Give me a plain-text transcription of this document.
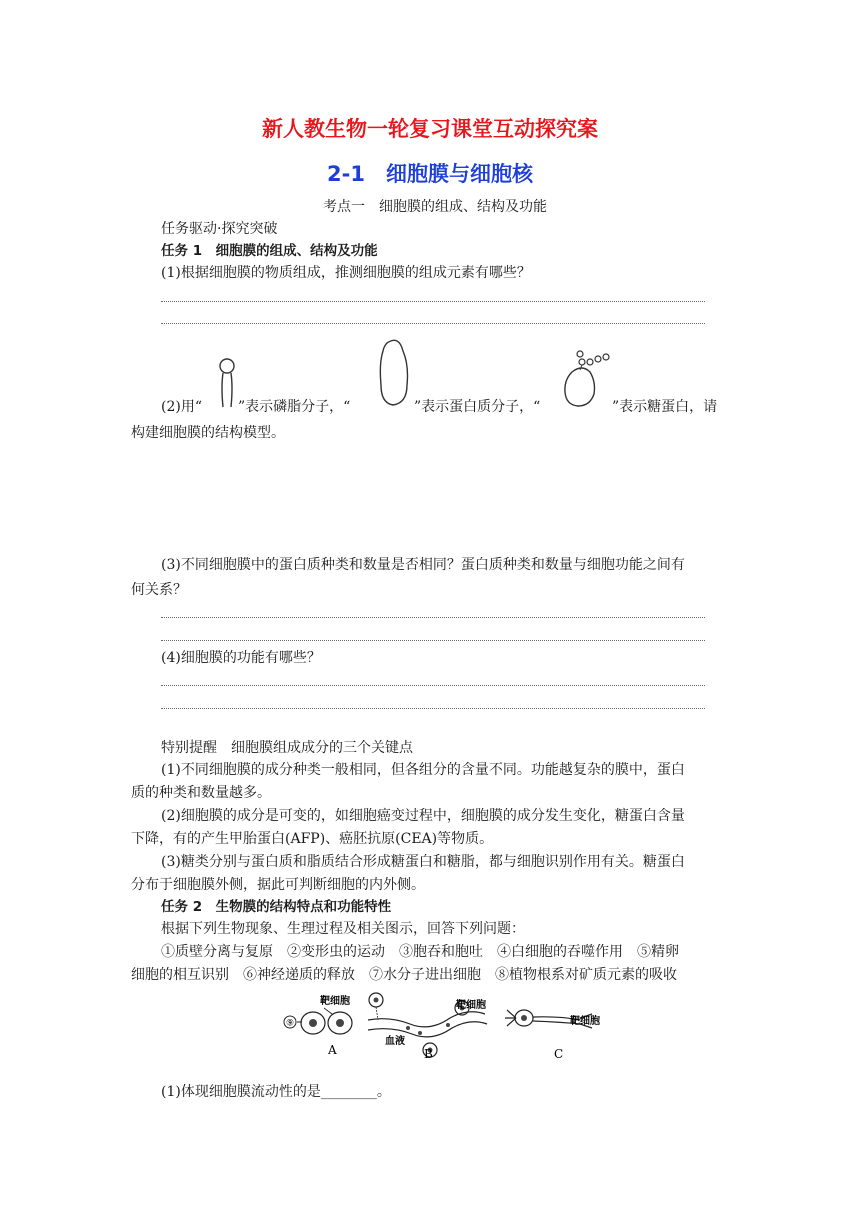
新人教生物一轮复习课堂互动探究案
2-1　细胞膜与细胞核
考点一　细胞膜的组成、结构及功能
任务驱动·探究突破
任务 1　细胞膜的组成、结构及功能
(1)根据细胞膜的物质组成，推测细胞膜的组成元素有哪些？
(2)用“	”表示磷脂分子，“	”表示蛋白质分子，“	”表示糖蛋白，请
构建细胞膜的结构模型。
(3)不同细胞膜中的蛋白质种类和数量是否相同？蛋白质种类和数量与细胞功能之间有
何关系？
(4)细胞膜的功能有哪些？
特别提醒　细胞膜组成成分的三个关键点
(1)不同细胞膜的成分种类一般相同，但各组分的含量不同。功能越复杂的膜中，蛋白
质的种类和数量越多。
(2)细胞膜的成分是可变的，如细胞癌变过程中，细胞膜的成分发生变化，糖蛋白含量
下降，有的产生甲胎蛋白(AFP)、癌胚抗原(CEA)等物质。
(3)糖类分别与蛋白质和脂质结合形成糖蛋白和糖脂，都与细胞识别作用有关。糖蛋白
分布于细胞膜外侧，据此可判断细胞的内外侧。
任务 2　生物膜的结构特点和功能特性
根据下列生物现象、生理过程及相关图示，回答下列问题：
①质壁分离与复原　②变形虫的运动　③胞吞和胞吐　④白细胞的吞噬作用　⑤精卵
细胞的相互识别　⑥神经递质的释放　⑦水分子进出细胞　⑧植物根系对矿质元素的吸收
⑨
靶细胞
A
血液
靶细胞
B
靶细胞
C
(1)体现细胞膜流动性的是________。
